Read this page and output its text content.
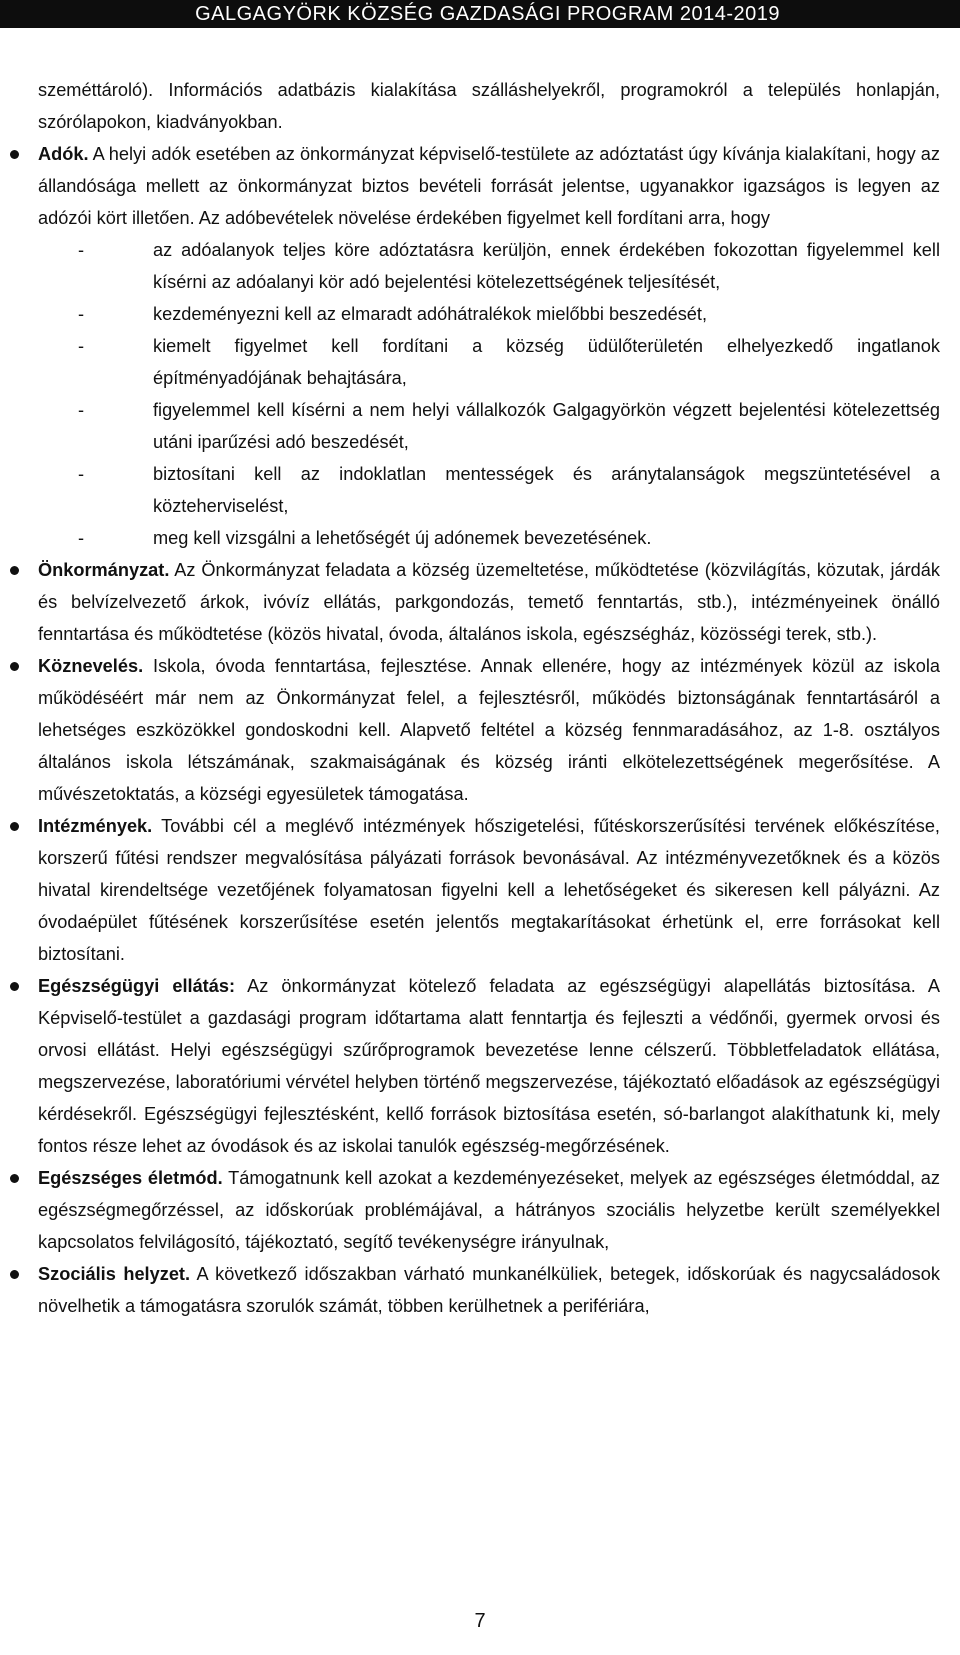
GALGAGYÖRK KÖZSÉG GAZDASÁGI PROGRAM 2014-2019

szeméttároló). Információs adatbázis kialakítása szálláshelyekről, programokról a település honlapján, szórólapokon, kiadványokban.

Adók. A helyi adók esetében az önkormányzat képviselő-testülete az adóztatást úgy kívánja kialakítani, hogy az állandósága mellett az önkormányzat biztos bevételi forrását jelentse, ugyanakkor igazságos is legyen az adózói kört illetően. Az adóbevételek növelése érdekében figyelmet kell fordítani arra, hogy

-	az adóalanyok teljes köre adóztatásra kerüljön, ennek érdekében fokozottan figyelemmel kell kísérni az adóalanyi kör adó bejelentési kötelezettségének teljesítését,
-	kezdeményezni kell az elmaradt adóhátralékok mielőbbi beszedését,
-	kiemelt figyelmet kell fordítani a község üdülőterületén elhelyezkedő ingatlanok építményadójának behajtására,
-	figyelemmel kell kísérni a nem helyi vállalkozók Galgagyörkön végzett bejelentési kötelezettség utáni iparűzési adó beszedését,
-	biztosítani kell az indoklatlan mentességek és aránytalanságok megszüntetésével a közteherviselést,
-	meg kell vizsgálni a lehetőségét új adónemek bevezetésének.

Önkormányzat. Az Önkormányzat feladata a község üzemeltetése, működtetése (közvilágítás, közutak, járdák és belvízelvezető árkok, ivóvíz ellátás, parkgondozás, temető fenntartás, stb.), intézményeinek önálló fenntartása és működtetése (közös hivatal, óvoda, általános iskola, egészségház, közösségi terek, stb.).

Köznevelés. Iskola, óvoda fenntartása, fejlesztése. Annak ellenére, hogy az intézmények közül az iskola működéséért már nem az Önkormányzat felel, a fejlesztésről, működés biztonságának fenntartásáról a lehetséges eszközökkel gondoskodni kell. Alapvető feltétel a község fennmaradásához, az 1-8. osztályos általános iskola létszámának, szakmaiságának és község iránti elkötelezettségének megerősítése. A művészetoktatás, a községi egyesületek támogatása.

Intézmények. További cél a meglévő intézmények hőszigetelési, fűtéskorszerűsítési tervének előkészítése, korszerű fűtési rendszer megvalósítása pályázati források bevonásával. Az intézményvezetőknek és a közös hivatal kirendeltsége vezetőjének folyamatosan figyelni kell a lehetőségeket és sikeresen kell pályázni. Az óvodaépület fűtésének korszerűsítése esetén jelentős megtakarításokat érhetünk el, erre forrásokat kell biztosítani.

Egészségügyi ellátás: Az önkormányzat kötelező feladata az egészségügyi alapellátás biztosítása. A Képviselő-testület a gazdasági program időtartama alatt fenntartja és fejleszti a védőnői, gyermek orvosi és orvosi ellátást. Helyi egészségügyi szűrőprogramok bevezetése lenne célszerű. Többletfeladatok ellátása, megszervezése, laboratóriumi vérvétel helyben történő megszervezése, tájékoztató előadások az egészségügyi kérdésekről. Egészségügyi fejlesztésként, kellő források biztosítása esetén, só-barlangot alakíthatunk ki, mely fontos része lehet az óvodások és az iskolai tanulók egészség-megőrzésének.

Egészséges életmód. Támogatnunk kell azokat a kezdeményezéseket, melyek az egészséges életmóddal, az egészségmegőrzéssel, az időskorúak problémájával, a hátrányos szociális helyzetbe került személyekkel kapcsolatos felvilágosító, tájékoztató, segítő tevékenységre irányulnak,

Szociális helyzet. A következő időszakban várható munkanélküliek, betegek, időskorúak és nagycsaládosok növelhetik a támogatásra szorulók számát, többen kerülhetnek a perifériára,

7
